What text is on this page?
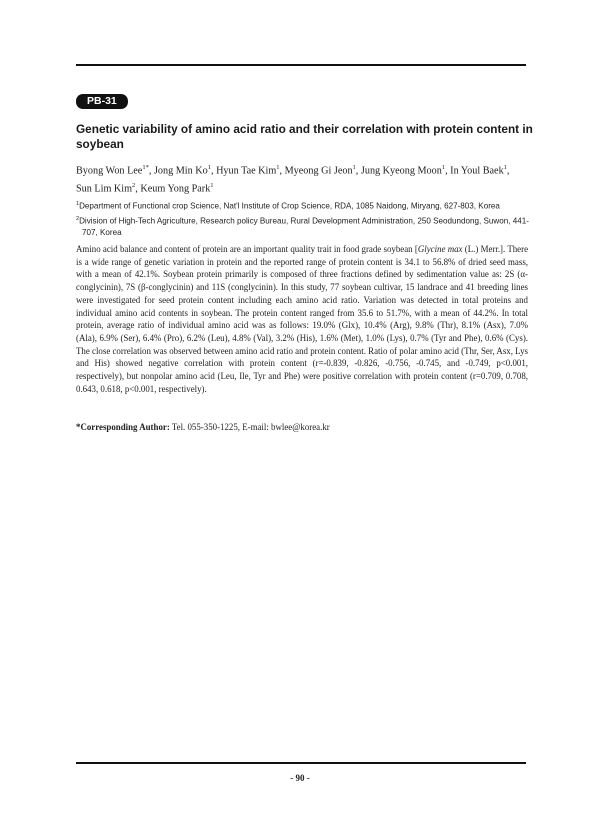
PB-31
Genetic variability of amino acid ratio and their correlation with protein content in soybean
Byong Won Lee$^{1*}$, Jong Min Ko$^1$, Hyun Tae Kim$^1$, Myeong Gi Jeon$^1$, Jung Kyeong Moon$^1$, In Youl Baek$^1$,
Sun Lim Kim$^2$, Keum Yong Park$^1$
$^1$Department of Functional crop Science, Nat'l Institute of Crop Science, RDA, 1085 Naidong, Miryang, 627-803, Korea
$^2$Division of High-Tech Agriculture, Research policy Bureau, Rural Development Administration, 250 Seodundong, Suwon, 441-707, Korea

Amino acid balance and content of protein are an important quality trait in food grade soybean [Glycine max (L.) Merr.]. There is a wide range of genetic variation in protein and the reported range of protein content is 34.1 to 56.8% of dried seed mass, with a mean of 42.1%. Soybean protein primarily is composed of three fractions defined by sedimentation value as: 2S (α-conglycinin), 7S (β-conglycinin) and 11S (conglycinin). In this study, 77 soybean cultivar, 15 landrace and 41 breeding lines were investigated for seed protein content including each amino acid ratio. Variation was detected in total proteins and individual amino acid contents in soybean. The protein content ranged from 35.6 to 51.7%, with a mean of 44.2%. In total protein, average ratio of individual amino acid was as follows: 19.0% (Glx), 10.4% (Arg), 9.8% (Thr), 8.1% (Asx), 7.0% (Ala), 6.9% (Ser), 6.4% (Pro), 6.2% (Leu), 4.8% (Val), 3.2% (His), 1.6% (Met), 1.0% (Lys), 0.7% (Tyr and Phe), 0.6% (Cys). The close correlation was observed between amino acid ratio and protein content. Ratio of polar amino acid (Thr, Ser, Asx, Lys and His) showed negative correlation with protein content (r=-0.839, -0.826, -0.756, -0.745, and -0.749, p<0.001, respectively), but nonpolar amino acid (Leu, Ile, Tyr and Phe) were positive correlation with protein content (r=0.709, 0.708, 0.643, 0.618, p<0.001, respectively).

*Corresponding Author: Tel. 055-350-1225, E-mail: bwlee@korea.kr
- 90 -
